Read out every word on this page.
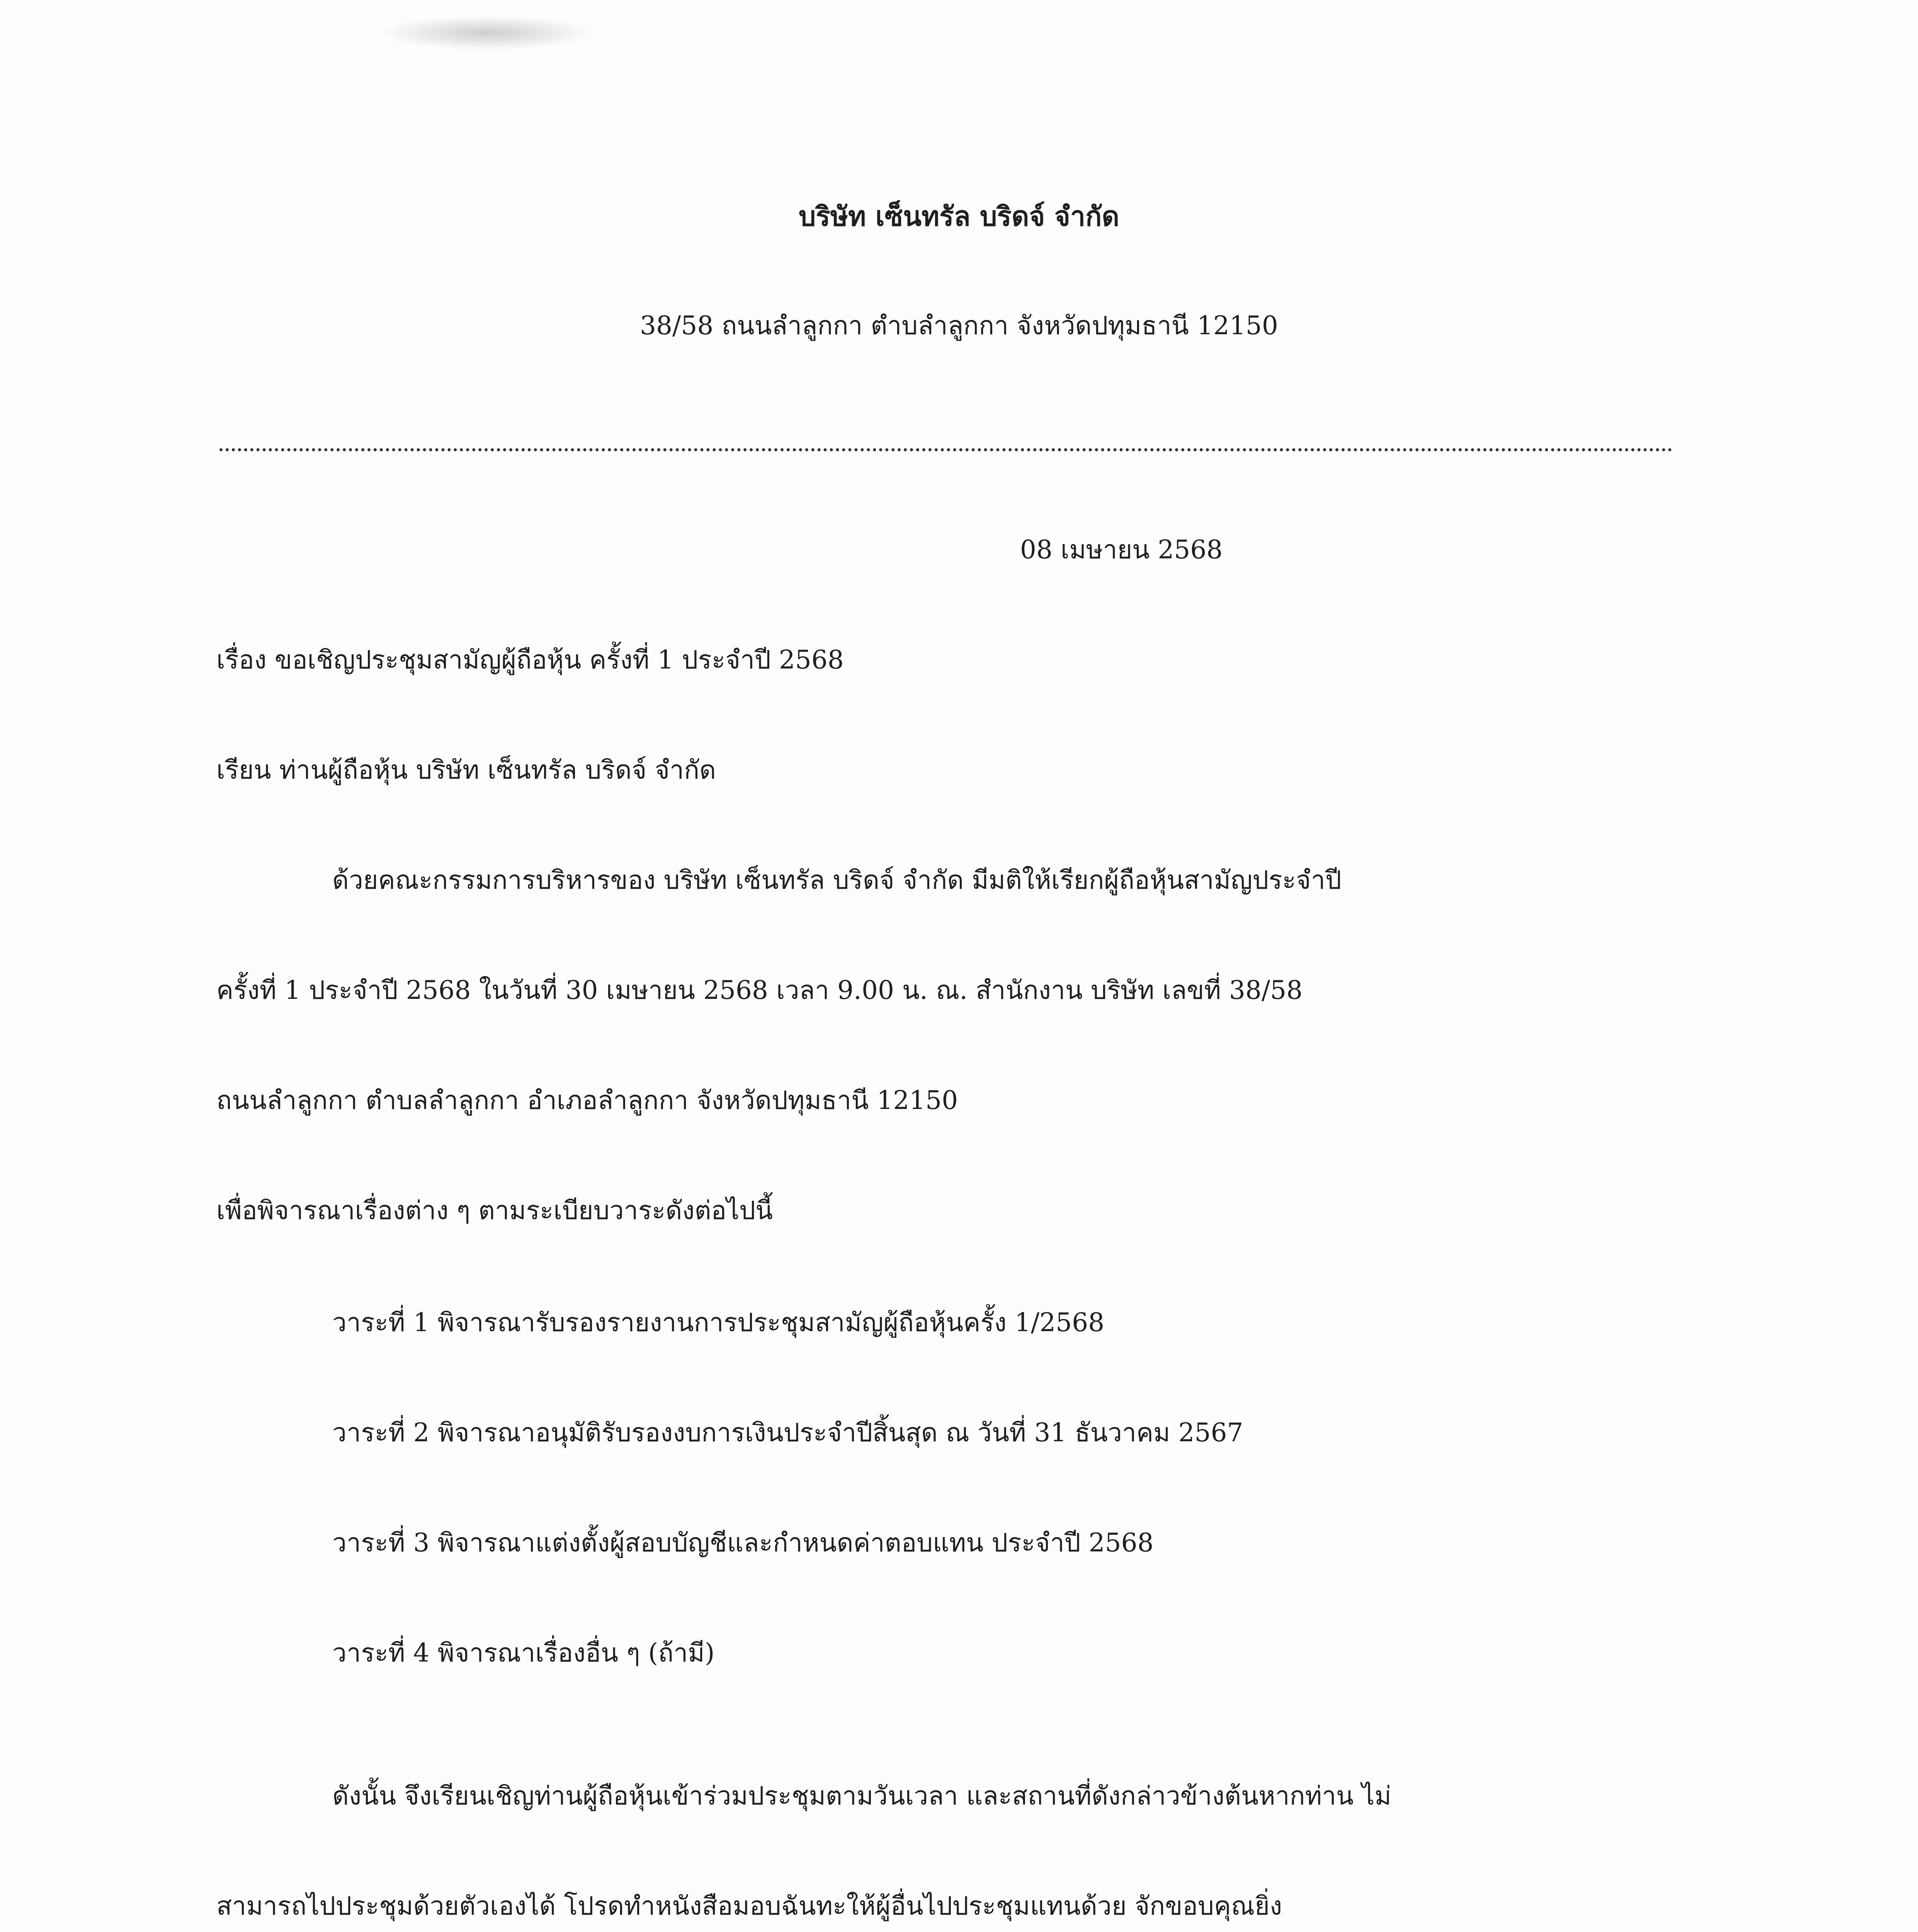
บริษัท เซ็นทรัล บริดจ์ จำกัด
38/58 ถนนลำลูกกา ตำบลำลูกกา จังหวัดปทุมธานี 12150
08 เมษายน 2568
เรื่อง ขอเชิญประชุมสามัญผู้ถือหุ้น ครั้งที่ 1 ประจำปี 2568
เรียน ท่านผู้ถือหุ้น บริษัท เซ็นทรัล บริดจ์ จำกัด
ด้วยคณะกรรมการบริหารของ บริษัท เซ็นทรัล บริดจ์ จำกัด มีมติให้เรียกผู้ถือหุ้นสามัญประจำปี
ครั้งที่ 1 ประจำปี 2568 ในวันที่ 30 เมษายน 2568 เวลา 9.00 น. ณ. สำนักงาน บริษัท เลขที่ 38/58
ถนนลำลูกกา ตำบลลำลูกกา อำเภอลำลูกกา จังหวัดปทุมธานี 12150
เพื่อพิจารณาเรื่องต่าง ๆ ตามระเบียบวาระดังต่อไปนี้
วาระที่ 1 พิจารณารับรองรายงานการประชุมสามัญผู้ถือหุ้นครั้ง 1/2568
วาระที่ 2 พิจารณาอนุมัติรับรองงบการเงินประจำปีสิ้นสุด ณ วันที่ 31 ธันวาคม 2567
วาระที่ 3 พิจารณาแต่งตั้งผู้สอบบัญชีและกำหนดค่าตอบแทน ประจำปี 2568
วาระที่ 4 พิจารณาเรื่องอื่น ๆ (ถ้ามี)
ดังนั้น จึงเรียนเชิญท่านผู้ถือหุ้นเข้าร่วมประชุมตามวันเวลา และสถานที่ดังกล่าวข้างต้นหากท่าน ไม่
สามารถไปประชุมด้วยตัวเองได้ โปรดทำหนังสือมอบฉันทะให้ผู้อื่นไปประชุมแทนด้วย จักขอบคุณยิ่ง
